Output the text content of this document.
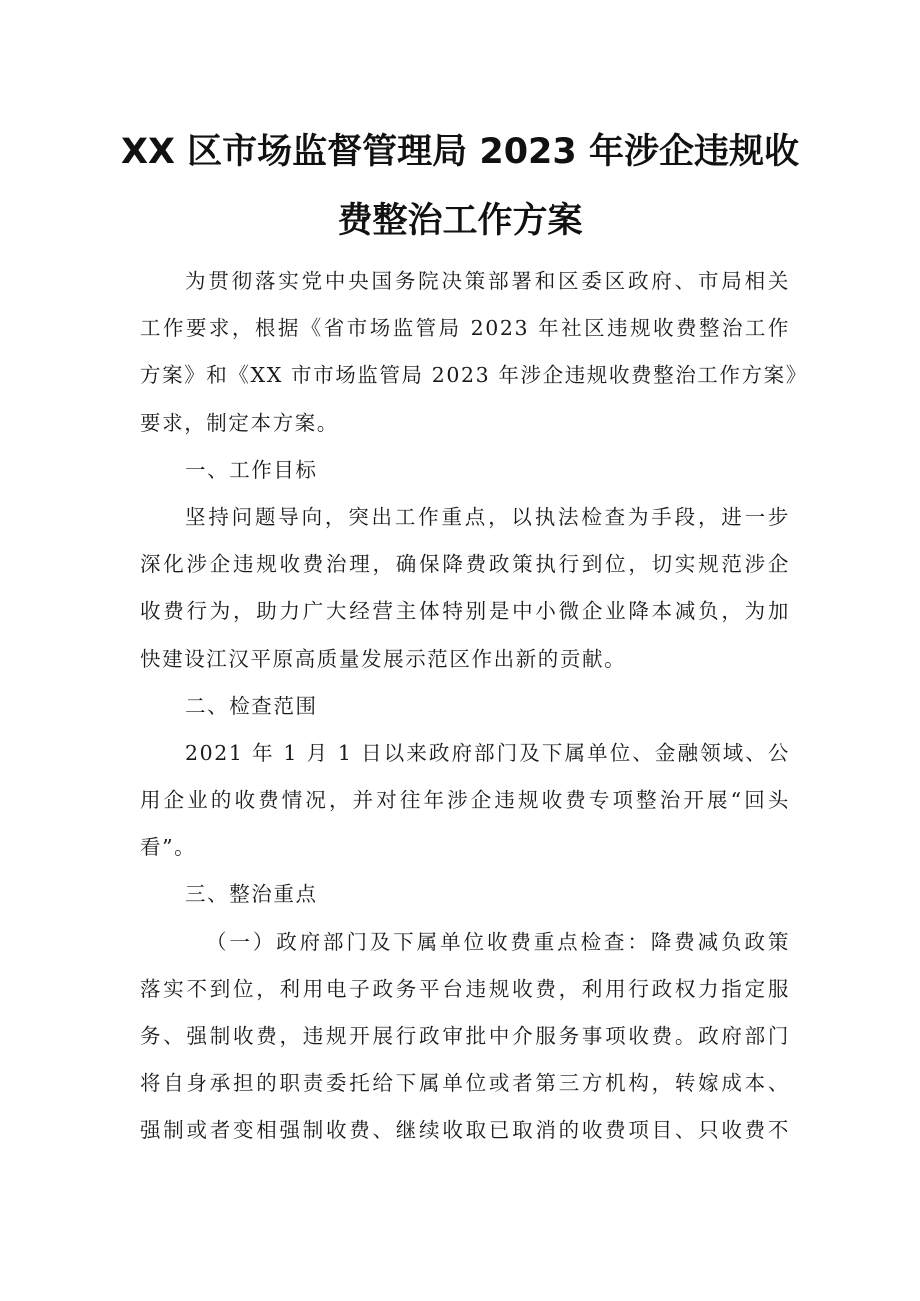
XX 区市场监督管理局 2023 年涉企违规收
费整治工作方案
为贯彻落实党中央国务院决策部署和区委区政府、市局相关
工作要求，根据《省市场监管局 2023 年社区违规收费整治工作
方案》和《XX 市市场监管局 2023 年涉企违规收费整治工作方案》
要求，制定本方案。
一、工作目标
坚持问题导向，突出工作重点，以执法检查为手段，进一步
深化涉企违规收费治理，确保降费政策执行到位，切实规范涉企
收费行为，助力广大经营主体特别是中小微企业降本减负，为加
快建设江汉平原高质量发展示范区作出新的贡献。
二、检查范围
2021 年 1 月 1 日以来政府部门及下属单位、金融领域、公
用企业的收费情况，并对往年涉企违规收费专项整治开展“回头
看”。
三、整治重点
（一）政府部门及下属单位收费重点检查：降费减负政策
落实不到位，利用电子政务平台违规收费，利用行政权力指定服
务、强制收费，违规开展行政审批中介服务事项收费。政府部门
将自身承担的职责委托给下属单位或者第三方机构，转嫁成本、
强制或者变相强制收费、继续收取已取消的收费项目、只收费不
